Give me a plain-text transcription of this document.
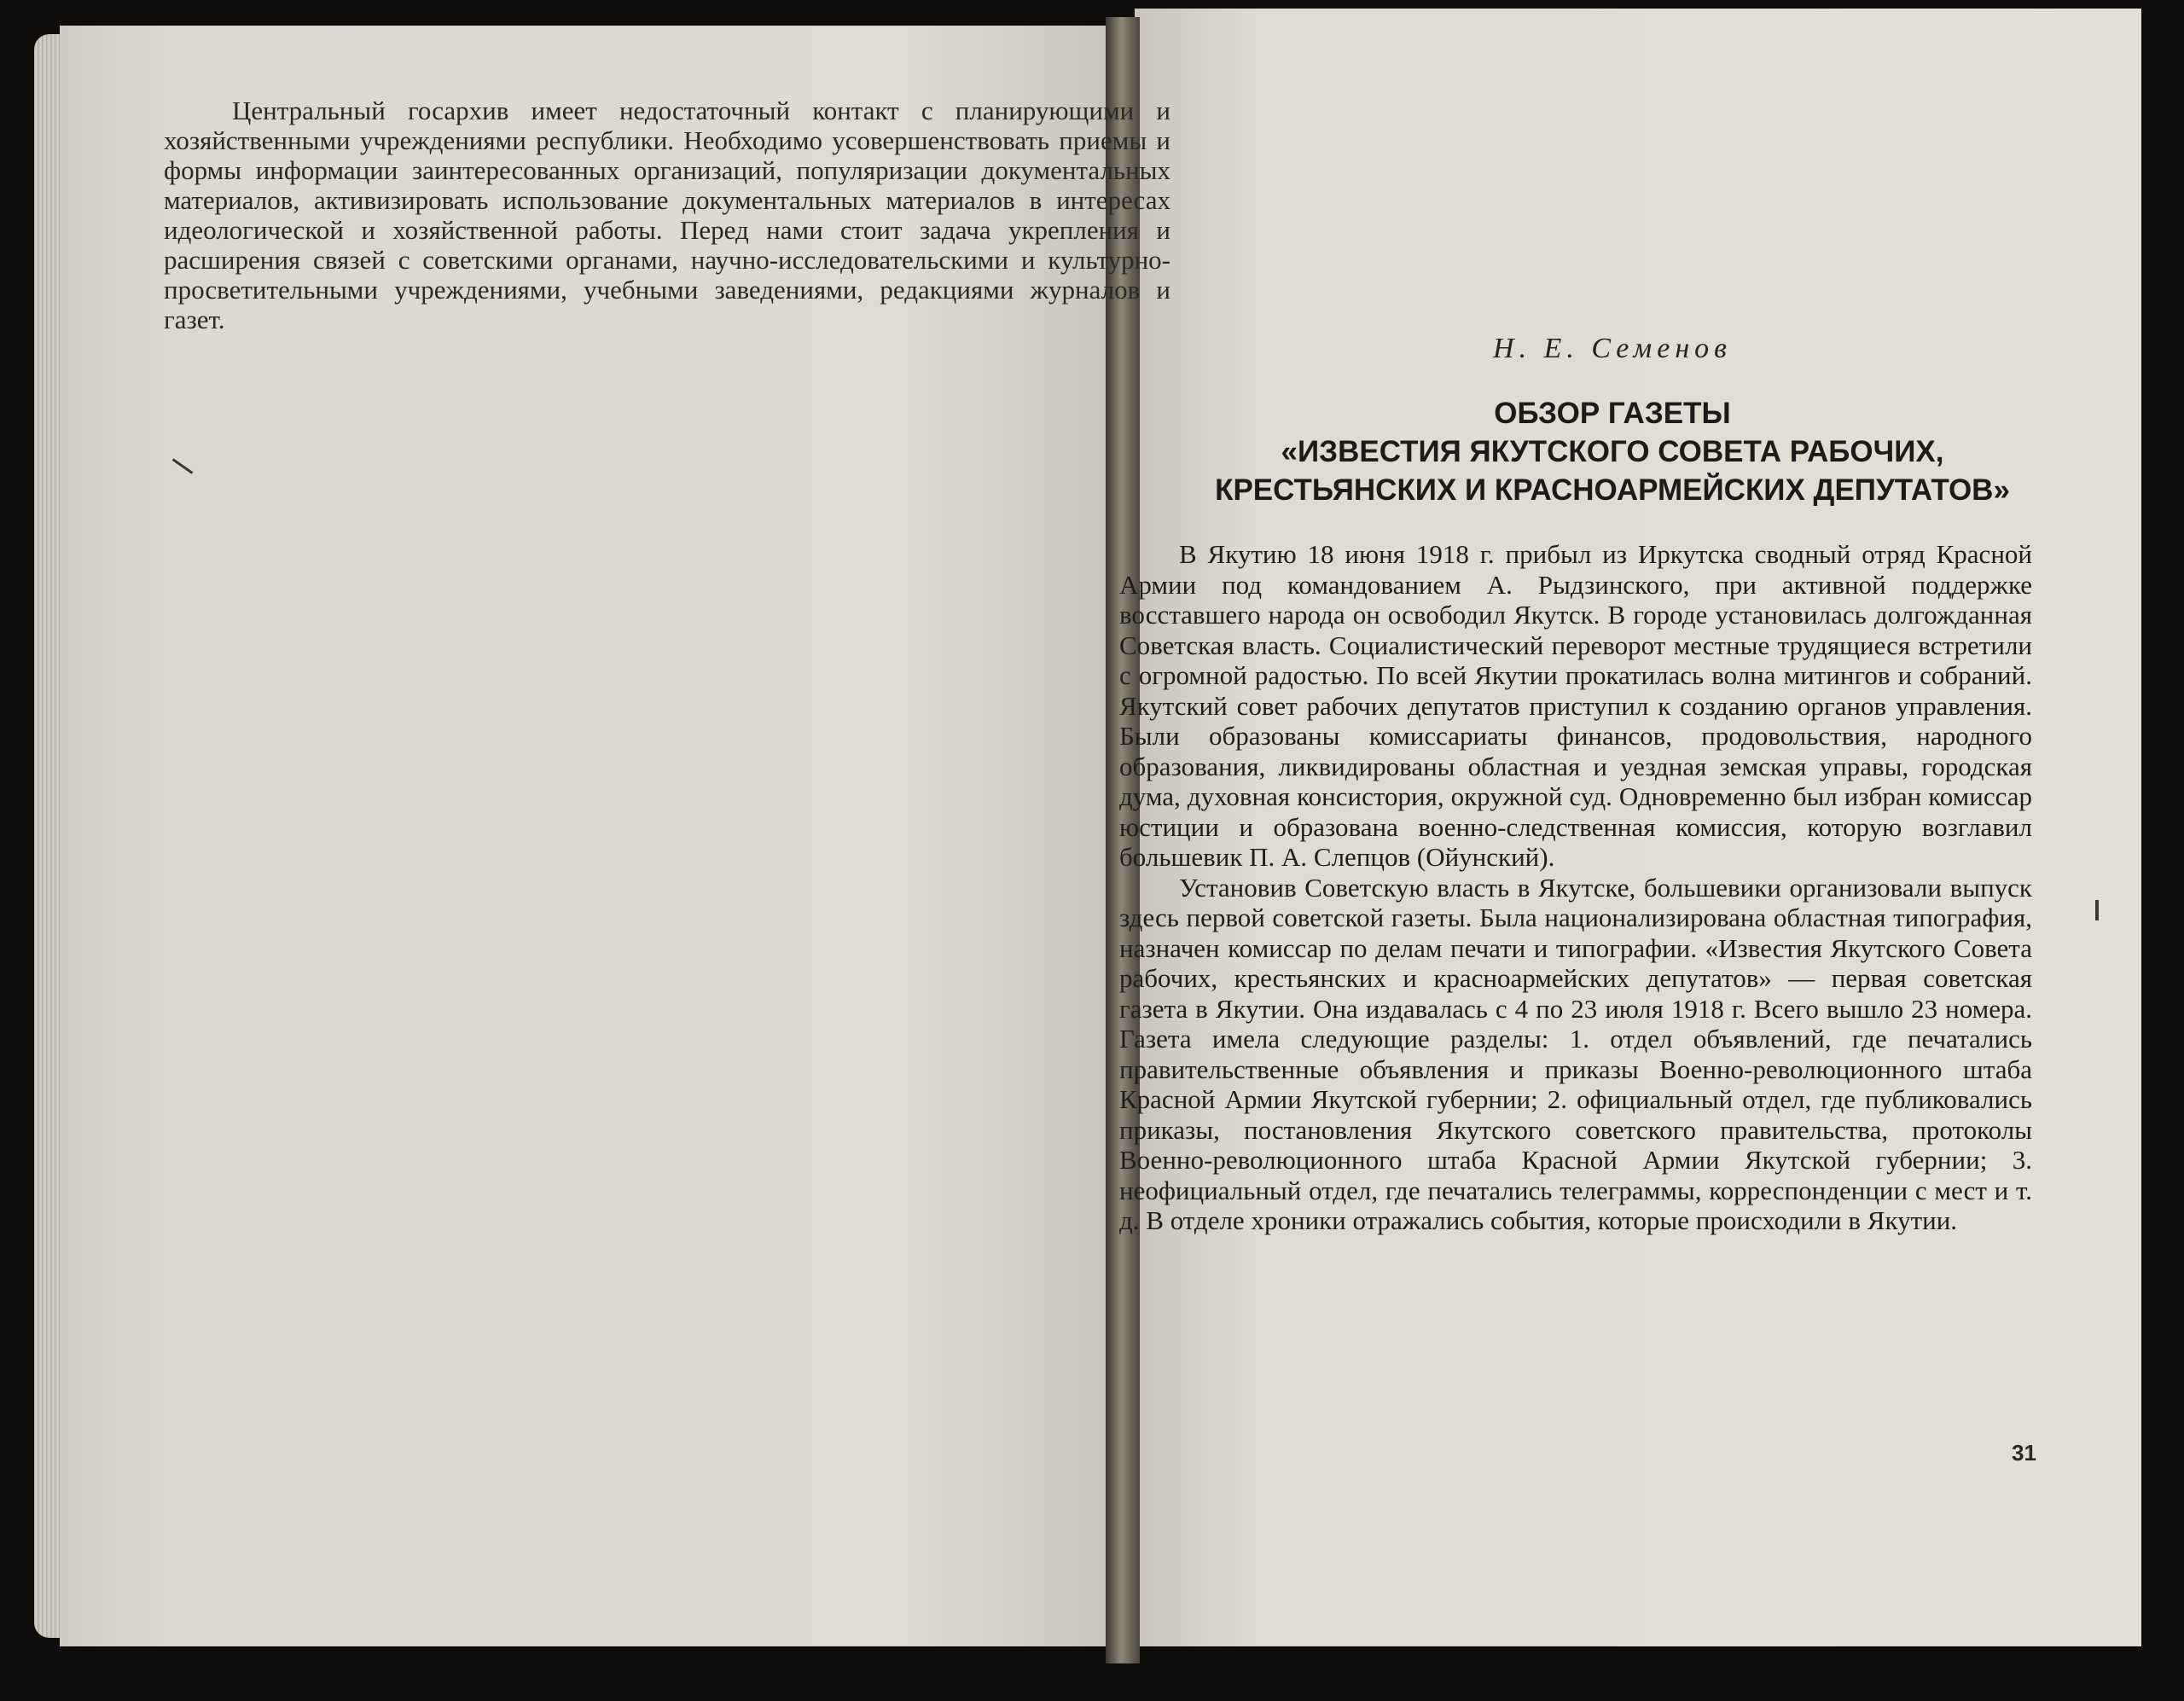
Центральный госархив имеет недостаточный контакт с планирующими и хозяйственными учреждениями республики. Необходимо усовершенствовать приемы и формы информации заинтересованных организаций, популяризации документальных материалов, активизировать использование документальных материалов в интересах идеологической и хозяйственной работы. Перед нами стоит задача укрепления и расширения связей с советскими органами, научно-исследовательскими и культурно-просветительными учреждениями, учебными заведениями, редакциями журналов и газет.

Н. Е. Семенов
ОБЗОР ГАЗЕТЫ
«ИЗВЕСТИЯ ЯКУТСКОГО СОВЕТА РАБОЧИХ,
КРЕСТЬЯНСКИХ И КРАСНОАРМЕЙСКИХ ДЕПУТАТОВ»

В Якутию 18 июня 1918 г. прибыл из Иркутска сводный отряд Красной Армии под командованием А. Рыдзинского, при активной поддержке восставшего народа он освободил Якутск. В городе установилась долгожданная Советская власть. Социалистический переворот местные трудящиеся встретили с огромной радостью. По всей Якутии прокатилась волна митингов и собраний. Якутский совет рабочих депутатов приступил к созданию органов управления. Были образованы комиссариаты финансов, продовольствия, народного образования, ликвидированы областная и уездная земская управы, городская дума, духовная консистория, окружной суд. Одновременно был избран комиссар юстиции и образована военно-следственная комиссия, которую возглавил большевик П. А. Слепцов (Ойунский).

Установив Советскую власть в Якутске, большевики организовали выпуск здесь первой советской газеты. Была национализирована областная типография, назначен комиссар по делам печати и типографии. «Известия Якутского Совета рабочих, крестьянских и красноармейских депутатов» — первая советская газета в Якутии. Она издавалась с 4 по 23 июля 1918 г. Всего вышло 23 номера. Газета имела следующие разделы: 1. отдел объявлений, где печатались правительственные объявления и приказы Военно-революционного штаба Красной Армии Якутской губернии; 2. официальный отдел, где публиковались приказы, постановления Якутского советского правительства, протоколы Военно-революционного штаба Красной Армии Якутской губернии; 3. неофициальный отдел, где печатались телеграммы, корреспонденции с мест и т. д. В отделе хроники отражались события, которые происходили в Якутии.

31
